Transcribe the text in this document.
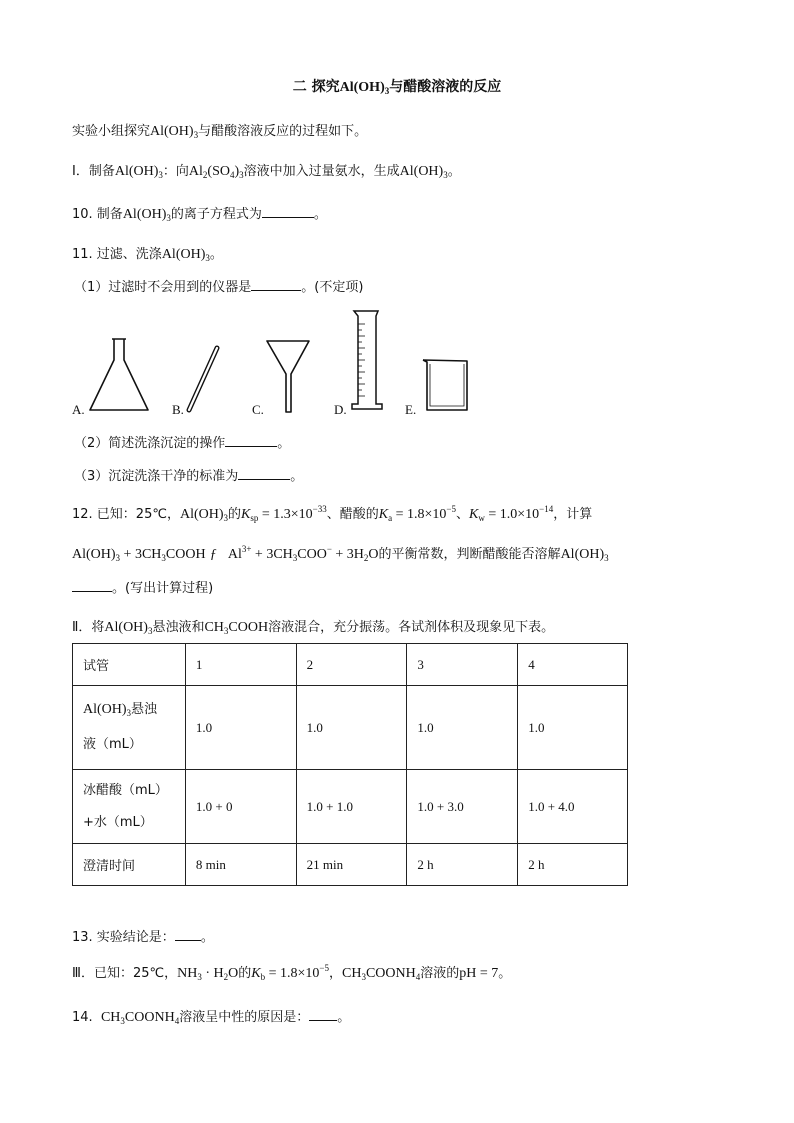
二 探究$Al(OH)_3$与醋酸溶液的反应
实验小组探究$Al(OH)_3$与醋酸溶液反应的过程如下。
Ⅰ．制备$Al(OH)_3$：向$Al_2(SO_4)_3$溶液中加入过量氨水，生成$Al(OH)_3$。
10. 制备$Al(OH)_3$的离子方程式为	。
11. 过滤、洗涤$Al(OH)_3$。
（1）过滤时不会用到的仪器是	。(不定项)
A.	B.	C.	D.	E.
（2）简述洗涤沉淀的操作	。
（3）沉淀洗涤干净的标准为	。
12. 已知：25℃，$Al(OH)_3$的$K_{sp} = 1.3\times 10^{-33}$、醋酸的$K_a = 1.8\times 10^{-5}$、$K_w = 1.0\times 10^{-14}$，计算
$Al(OH)_3$ + $3CH_3COOH$ ƒ   $Al^{3+} + 3CH_3COO^- + 3H_2O$的平衡常数，判断醋酸能否溶解$Al(OH)_3$
。(写出计算过程)
Ⅱ．将$Al(OH)_3$悬浊液和$CH_3COOH$溶液混合，充分振荡。各试剂体积及现象见下表。
试管	1	2	3	4
$Al(OH)_3$悬浊
液（mL）	1.0	1.0	1.0	1.0
冰醋酸（mL）
+水（mL）	1.0 + 0	1.0 + 1.0	1.0 + 3.0	1.0 + 4.0
澄清时间	8 min	21 min	2 h	2 h
13. 实验结论是： 。
Ⅲ．已知：25℃，$NH_3 \cdot H_2O$的$K_b = 1.8\times 10^{-5}$，$CH_3COONH_4$溶液的pH = 7。
14. $CH_3COONH_4$溶液呈中性的原因是： 。
